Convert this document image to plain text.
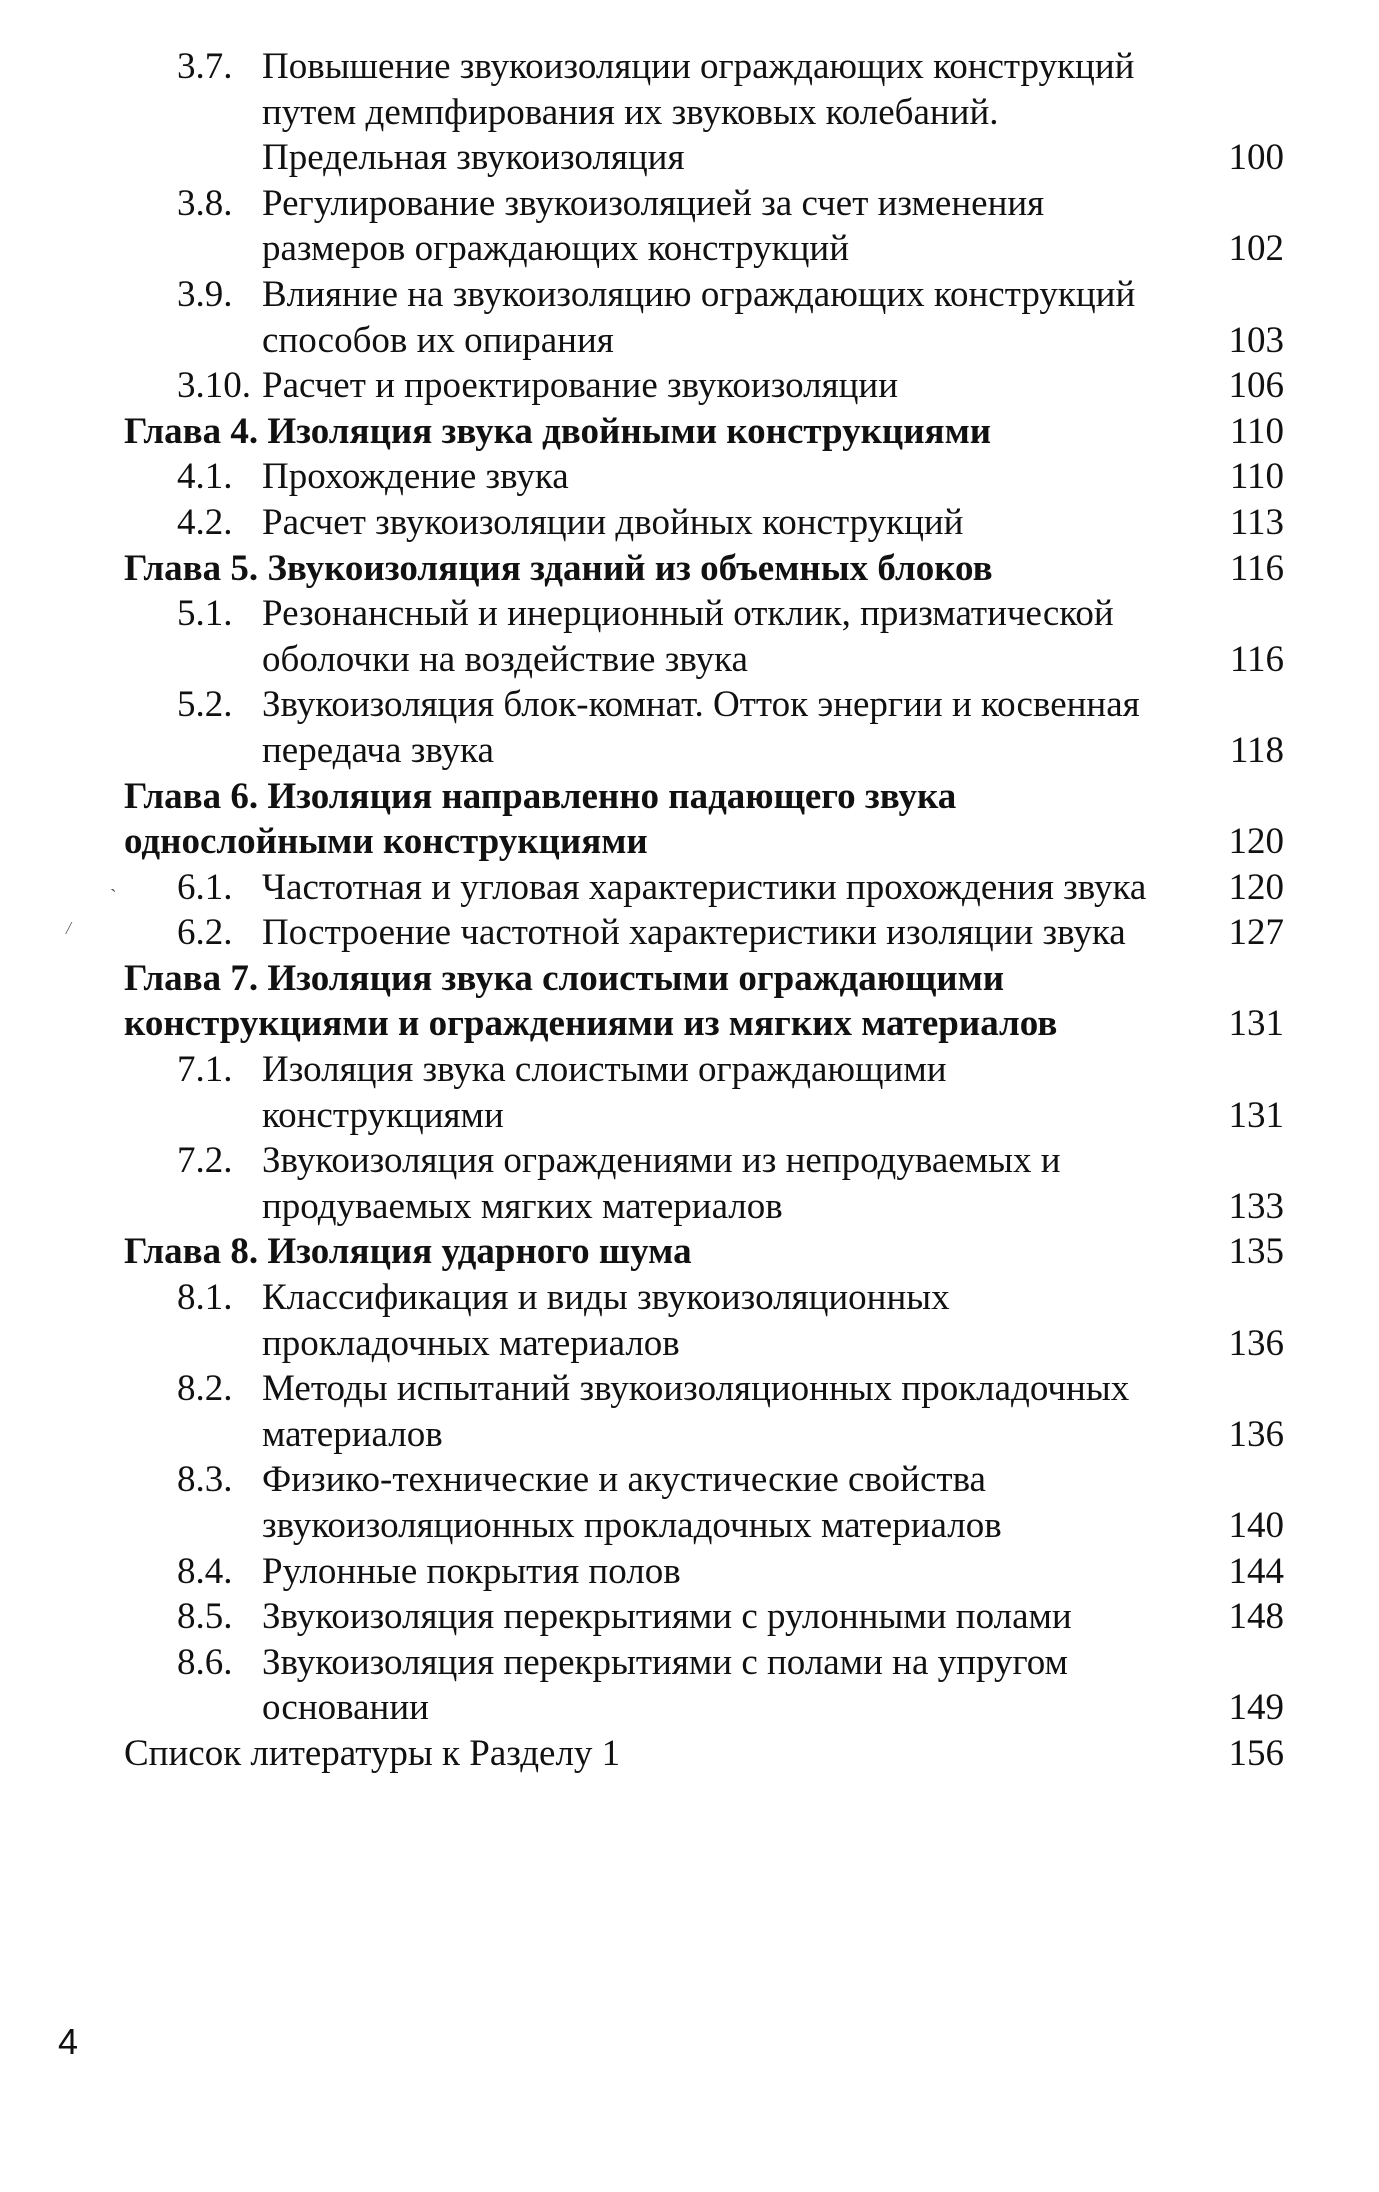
3.7. Повышение звукоизоляции ограждающих конструкций путем демпфирования их звуковых колебаний. Предельная звукоизоляция	100
3.8. Регулирование звукоизоляцией за счет изменения размеров ограждающих конструкций	102
3.9. Влияние на звукоизоляцию ограждающих конструкций способов их опирания	103
3.10. Расчет и проектирование звукоизоляции	106
Глава 4. Изоляция звука двойными конструкциями	110
4.1. Прохождение звука	110
4.2. Расчет звукоизоляции двойных конструкций	113
Глава 5. Звукоизоляция зданий из объемных блоков	116
5.1. Резонансный и инерционный отклик, призматической оболочки на воздействие звука	116
5.2. Звукоизоляция блок-комнат. Отток энергии и косвенная передача звука	118
Глава 6. Изоляция направленно падающего звука однослойными конструкциями	120
6.1. Частотная и угловая характеристики прохождения звука	120
6.2. Построение частотной характеристики изоляции звука	127
Глава 7. Изоляция звука слоистыми ограждающими конструкциями и ограждениями из мягких материалов	131
7.1. Изоляция звука слоистыми ограждающими конструкциями	131
7.2. Звукоизоляция ограждениями из непродуваемых и продуваемых мягких материалов	133
Глава 8. Изоляция ударного шума	135
8.1. Классификация и виды звукоизоляционных прокладочных материалов	136
8.2. Методы испытаний звукоизоляционных прокладочных материалов	136
8.3. Физико-технические и акустические свойства звукоизоляционных прокладочных материалов	140
8.4. Рулонные покрытия полов	144
8.5. Звукоизоляция перекрытиями с рулонными полами	148
8.6. Звукоизоляция перекрытиями с полами на упругом основании	149
Список литературы к Разделу 1	156
ˋ
/
4
